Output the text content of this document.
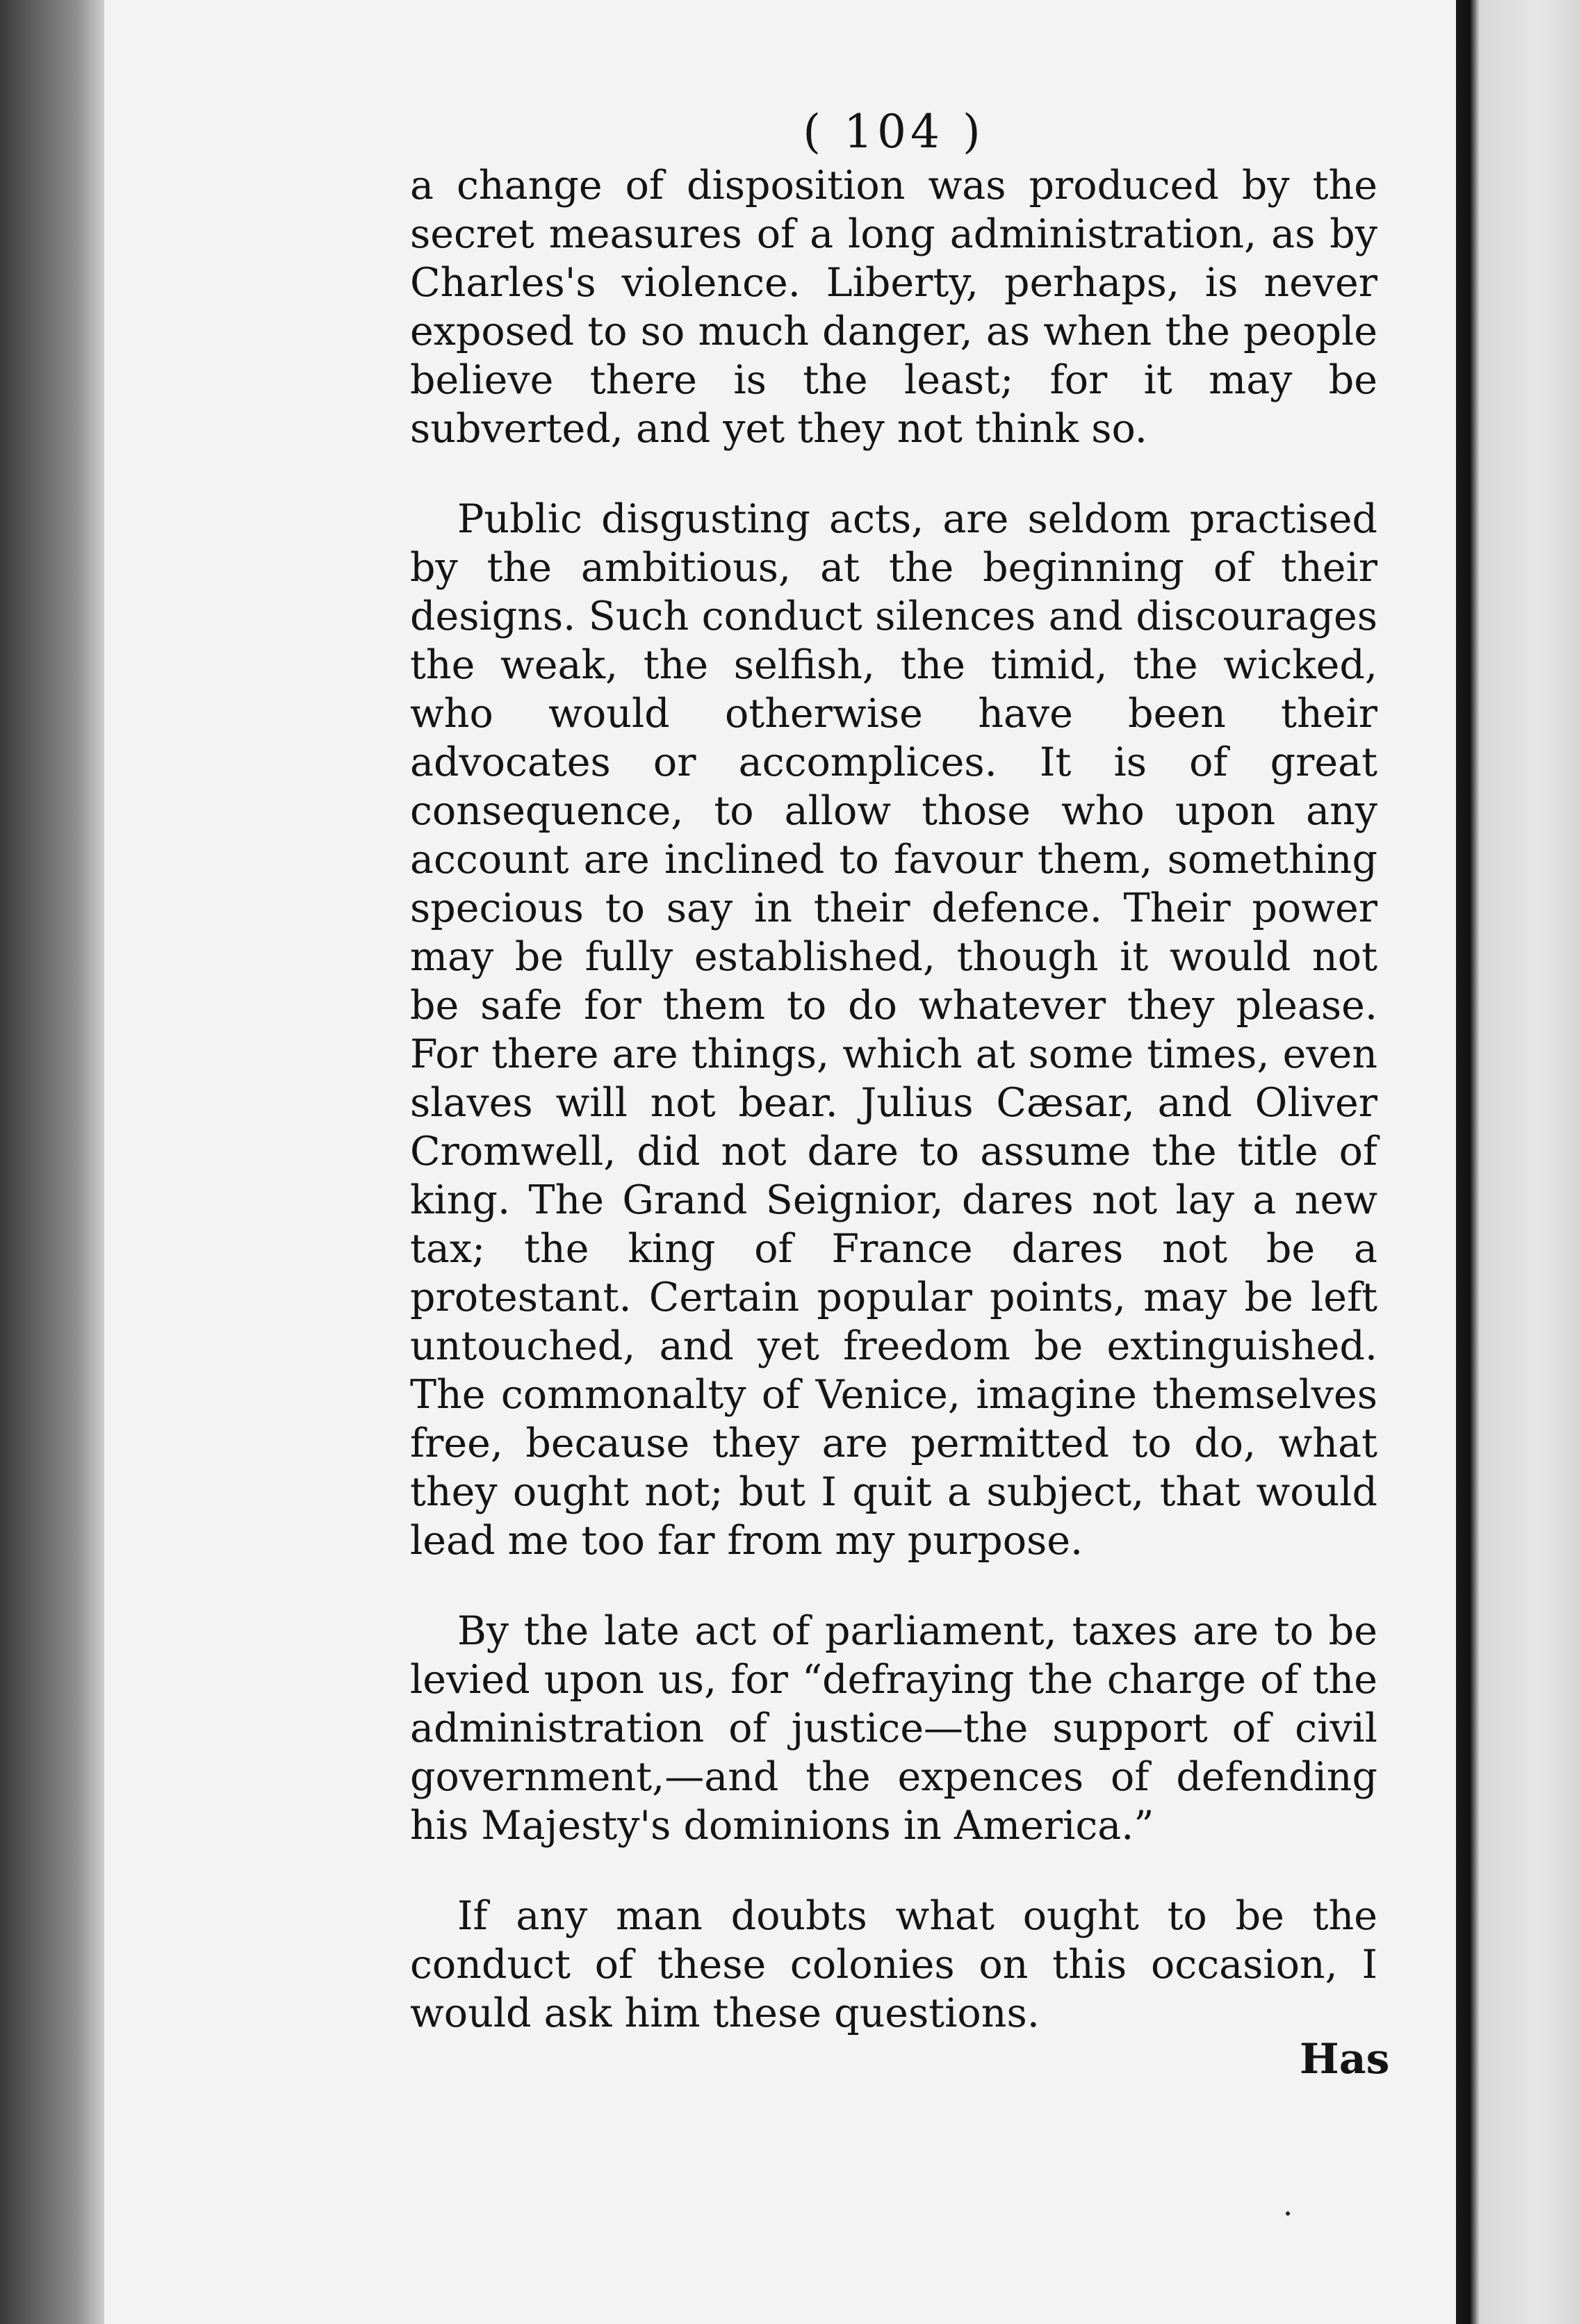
( 104 )

a change of disposition was produced by the secret measures of a long administration, as by Charles's violence. Liberty, perhaps, is never exposed to so much danger, as when the people believe there is the least; for it may be subverted, and yet they not think so.

Public disgusting acts, are seldom practised by the ambitious, at the beginning of their designs. Such conduct silences and discourages the weak, the selfish, the timid, the wicked, who would otherwise have been their advocates or accomplices. It is of great consequence, to allow those who upon any account are inclined to favour them, something specious to say in their defence. Their power may be fully established, though it would not be safe for them to do whatever they please. For there are things, which at some times, even slaves will not bear. Julius Cæsar, and Oliver Cromwell, did not dare to assume the title of king. The Grand Seignior, dares not lay a new tax; the king of France dares not be a protestant. Certain popular points, may be left untouched, and yet freedom be extinguished. The commonalty of Venice, imagine themselves free, because they are permitted to do, what they ought not; but I quit a subject, that would lead me too far from my purpose.

By the late act of parliament, taxes are to be levied upon us, for “defraying the charge of the administration of justice—the support of civil government,—and the expences of defending his Majesty's dominions in America.”

If any man doubts what ought to be the conduct of these colonies on this occasion, I would ask him these questions.

Has
